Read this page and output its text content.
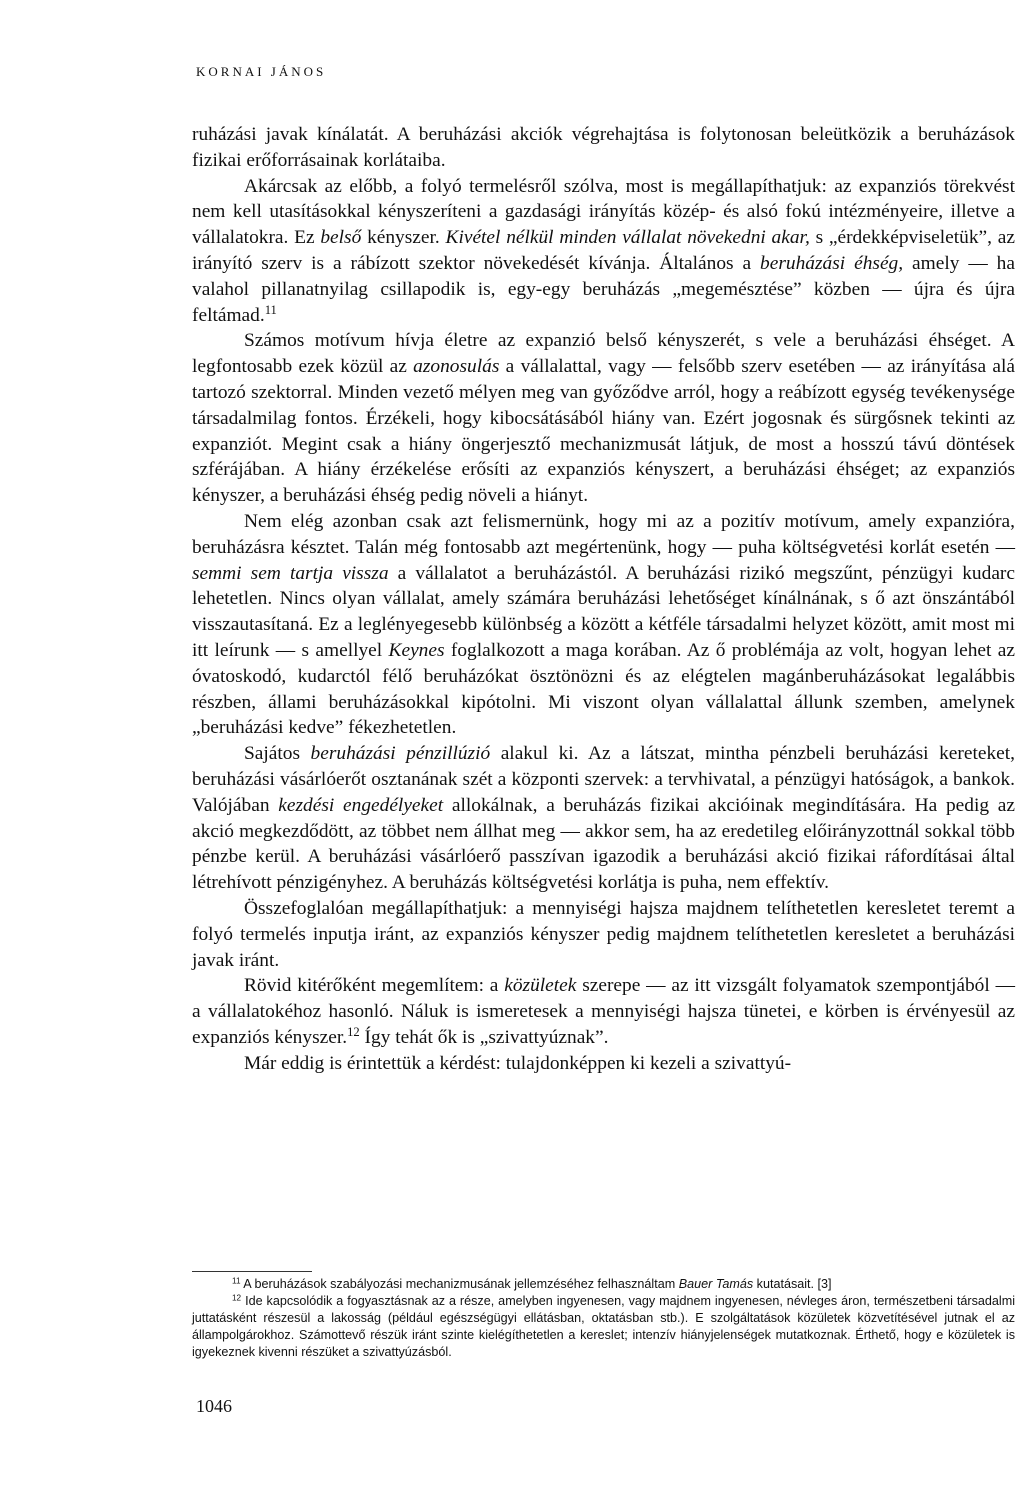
KORNAI JÁNOS

ruházási javak kínálatát. A beruházási akciók végrehajtása is folytonosan beleütközik a beruházások fizikai erőforrásainak korlátaiba.

Akárcsak az előbb, a folyó termelésről szólva, most is megállapíthatjuk: az expanziós törekvést nem kell utasításokkal kényszeríteni a gazdasági irányítás közép- és alsó fokú intézményeire, illetve a vállalatokra. Ez belső kényszer. Kivétel nélkül minden vállalat növekedni akar, s „érdekképviseletük”, az irányító szerv is a rábízott szektor növekedését kívánja. Általános a beruházási éhség, amely — ha valahol pillanatnyilag csillapodik is, egy-egy beruházás „megemésztése” közben — újra és újra feltámad.$^{11}$

Számos motívum hívja életre az expanzió belső kényszerét, s vele a beruházási éhséget. A legfontosabb ezek közül az azonosulás a vállalattal, vagy — felsőbb szerv esetében — az irányítása alá tartozó szektorral. Minden vezető mélyen meg van győződve arról, hogy a reábízott egység tevékenysége társadalmilag fontos. Érzékeli, hogy kibocsátásából hiány van. Ezért jogosnak és sürgősnek tekinti az expanziót. Megint csak a hiány öngerjesztő mechanizmusát látjuk, de most a hosszú távú döntések szférájában. A hiány érzékelése erősíti az expanziós kényszert, a beruházási éhséget; az expanziós kényszer, a beruházási éhség pedig növeli a hiányt.

Nem elég azonban csak azt felismernünk, hogy mi az a pozitív motívum, amely expanzióra, beruházásra késztet. Talán még fontosabb azt megértenünk, hogy — puha költségvetési korlát esetén — semmi sem tartja vissza a vállalatot a beruházástól. A beruházási rizikó megszűnt, pénzügyi kudarc lehetetlen. Nincs olyan vállalat, amely számára beruházási lehetőséget kínálnának, s ő azt önszántából visszautasítaná. Ez a leglényegesebb különbség a között a kétféle társadalmi helyzet között, amit most mi itt leírunk — s amellyel Keynes foglalkozott a maga korában. Az ő problémája az volt, hogyan lehet az óvatoskodó, kudarctól félő beruházókat ösztönözni és az elégtelen magánberuházásokat legalábbis részben, állami beruházásokkal kipótolni. Mi viszont olyan vállalattal állunk szemben, amelynek „beruházási kedve” fékezhetetlen.

Sajátos beruházási pénzillúzió alakul ki. Az a látszat, mintha pénzbeli beruházási kereteket, beruházási vásárlóerőt osztanának szét a központi szervek: a tervhivatal, a pénzügyi hatóságok, a bankok. Valójában kezdési engedélyeket allokálnak, a beruházás fizikai akcióinak megindítására. Ha pedig az akció megkezdődött, az többet nem állhat meg — akkor sem, ha az eredetileg előirányzottnál sokkal több pénzbe kerül. A beruházási vásárlóerő passzívan igazodik a beruházási akció fizikai ráfordításai által létrehívott pénzigényhez. A beruházás költségvetési korlátja is puha, nem effektív.

Összefoglalóan megállapíthatjuk: a mennyiségi hajsza majdnem telíthetetlen keresletet teremt a folyó termelés inputja iránt, az expanziós kényszer pedig majdnem telíthetetlen keresletet a beruházási javak iránt.

Rövid kitérőként megemlítem: a közületek szerepe — az itt vizsgált folyamatok szempontjából — a vállalatokéhoz hasonló. Náluk is ismeretesek a mennyiségi hajsza tünetei, e körben is érvényesül az expanziós kényszer.$^{12}$ Így tehát ők is „szivattyúznak”.

Már eddig is érintettük a kérdést: tulajdonképpen ki kezeli a szivattyú-

$^{11}$ A beruházások szabályozási mechanizmusának jellemzéséhez felhasználtam Bauer Tamás kutatásait. [3]

$^{12}$ Ide kapcsolódik a fogyasztásnak az a része, amelyben ingyenesen, vagy majdnem ingyenesen, névleges áron, természetbeni társadalmi juttatásként részesül a lakosság (például egészségügyi ellátásban, oktatásban stb.). E szolgáltatások közületek közvetítésével jutnak el az állampolgárokhoz. Számottevő részük iránt szinte kielégíthetetlen a kereslet; intenzív hiányjelenségek mutatkoznak. Érthető, hogy e közületek is igyekeznek kivenni részüket a szivattyúzásból.

1046
